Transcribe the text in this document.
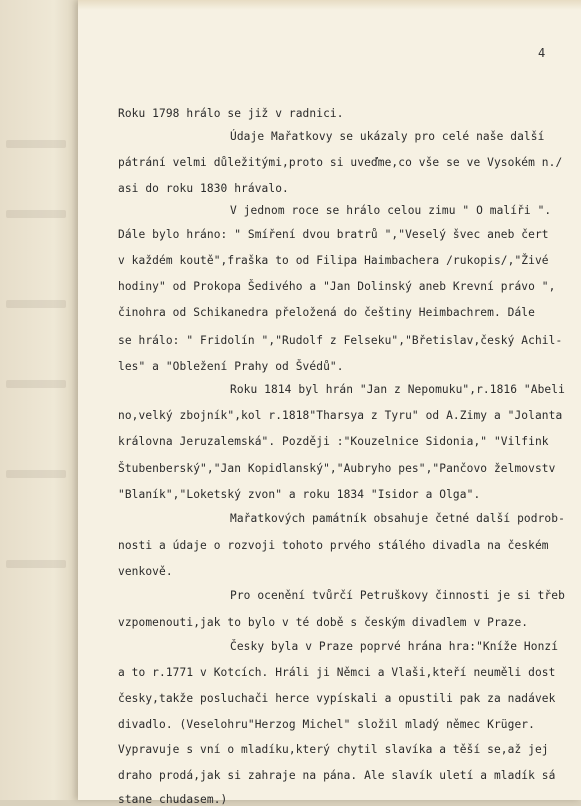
4
Roku 1798 hrálo se již v radnici.
Údaje Mařatkovy se ukázaly pro celé naše další
pátrání velmi důležitými,proto si uveďme,co vše se ve Vysokém n./
asi do roku 1830 hrávalo.
V jednom roce se hrálo celou zimu " O malíři ".
Dále bylo hráno: " Smíření dvou bratrů ","Veselý švec aneb čert
v každém koutě",fraška to od Filipa Haimbachera /rukopis/,"Živé
hodiny" od Prokopa Šedivého a "Jan Dolinský aneb Krevní právo ",
činohra od Schikanedra přeložená do češtiny Heimbachrem. Dále
se hrálo: " Fridolín ","Rudolf z Felseku","Břetislav,český Achil-
les" a "Obležení Prahy od Švédů".
Roku 1814 byl hrán "Jan z Nepomuku",r.1816 "Abeli
no,velký zbojník",kol r.1818"Tharsya z Tyru" od A.Zimy a "Jolanta
královna Jeruzalemská". Později :"Kouzelnice Sidonia," "Vilfink
Štubenberský","Jan Kopidlanský","Aubryho pes","Pančovo želmovstv
"Blaník","Loketský zvon" a roku 1834 "Isidor a Olga".
Mařatkových památník obsahuje četné další podrob-
nosti a údaje o rozvoji tohoto prvého stálého divadla na českém
venkově.
Pro ocenění tvůrčí Petruškovy činnosti je si třeb
vzpomenouti,jak to bylo v té době s českým divadlem v Praze.
Česky byla v Praze poprvé hrána hra:"Kníže Honzí
a to r.1771 v Kotcích. Hráli ji Němci a Vlaši,kteří neuměli dost
česky,takže posluchači herce vypískali a opustili pak za nadávek
divadlo. (Veselohru"Herzog Michel" složil mladý němec Krüger.
Vypravuje s vní o mladíku,který chytil slavíka a těší se,až jej
draho prodá,jak si zahraje na pána. Ale slavík uletí a mladík sá
stane chudasem.)
